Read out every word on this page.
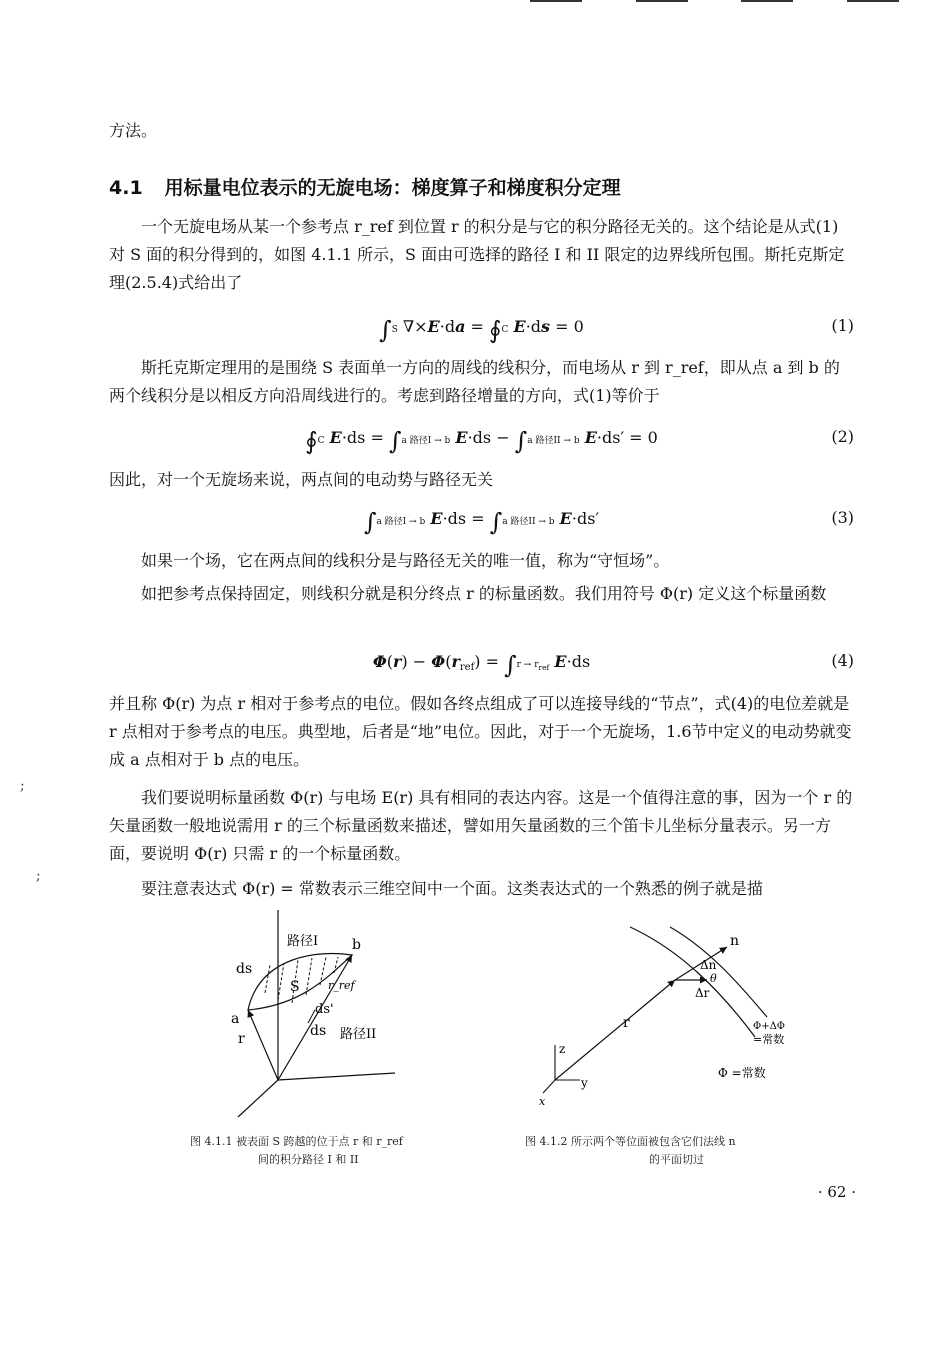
方法。

4.1 用标量电位表示的无旋电场：梯度算子和梯度积分定理

一个无旋电场从某一个参考点 r_ref 到位置 r 的积分是与它的积分路径无关的。这个结论是从式(1)对 S 面的积分得到的，如图 4.1.1 所示，S 面由可选择的路径 I 和 II 限定的边界线所包围。斯托克斯定理(2.5.4)式给出了

∫S ∇×E·da = ∮C E·ds = 0	(1)

斯托克斯定理用的是围绕 S 表面单一方向的周线的线积分，而电场从 r 到 r_ref，即从点 a 到 b 的两个线积分是以相反方向沿周线进行的。考虑到路径增量的方向，式(1)等价于

∮C E·ds = ∫a 路径I → b E·ds − ∫a 路径II → b E·ds′ = 0	(2)

因此，对一个无旋场来说，两点间的电动势与路径无关

∫a 路径I → b E·ds = ∫a 路径II → b E·ds′	(3)

如果一个场，它在两点间的线积分是与路径无关的唯一值，称为“守恒场”。

如把参考点保持固定，则线积分就是积分终点 r 的标量函数。我们用符号 Φ(r) 定义这个标量函数

$\Phi(r) - \Phi(r_{ref}) = \int r \to r_{ref}$ E·ds	(4)

并且称 Φ(r) 为点 r 相对于参考点的电位。假如各终点组成了可以连接导线的“节点”，式(4)的电位差就是 r 点相对于参考点的电压。典型地，后者是“地”电位。因此，对于一个无旋场，1.6节中定义的电动势就变成 a 点相对于 b 点的电压。

我们要说明标量函数 Φ(r) 与电场 E(r) 具有相同的表达内容。这是一个值得注意的事，因为一个 r 的矢量函数一般地说需用 r 的三个标量函数来描述，譬如用矢量函数的三个笛卡儿坐标分量表示。另一方面，要说明 Φ(r) 只需 r 的一个标量函数。

要注意表达式 Φ(r) = 常数表示三维空间中一个面。这类表达式的一个熟悉的例子就是描

;
;
路径I b
ds
S	r_ref
a
ds'
r	ds 路径II
图 4.1.1 被表面 S 跨越的位于点 r 和 r_ref
间的积分路径 I 和 II
n
Δn
θ
Δr
r
z
y
x
Φ+ΔΦ
=常数
Φ =常数
图 4.1.2 所示两个等位面被包含它们法线 n
的平面切过
· 62 ·
